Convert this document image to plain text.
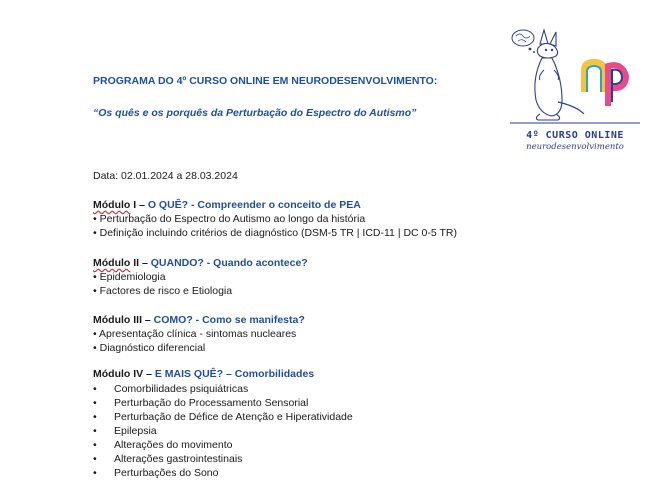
PROGRAMA DO 4º CURSO ONLINE EM NEURODESENVOLVIMENTO:
“Os quês e os porquês da Perturbação do Espectro do Autismo”
4º CURSO ONLINE
neurodesenvolvimento
Data: 02.01.2024 a 28.03.2024
Módulo I – O QUÊ? - Compreender o conceito de PEA
• Perturbação do Espectro do Autismo ao longo da história
• Definição incluindo critérios de diagnóstico (DSM-5 TR | ICD-11 | DC 0-5 TR)
Módulo II – QUANDO? - Quando acontece?
• Epidemiologia
• Factores de risco e Etiologia
Módulo III – COMO? - Como se manifesta?
• Apresentação clínica - sintomas nucleares
• Diagnóstico diferencial
Módulo IV – E MAIS QUÊ? – Comorbilidades
• Comorbilidades psiquiátricas
• Perturbação do Processamento Sensorial
• Perturbação de Défice de Atenção e Hiperatividade
• Epilepsia
• Alterações do movimento
• Alterações gastrointestinais
• Perturbações do Sono
